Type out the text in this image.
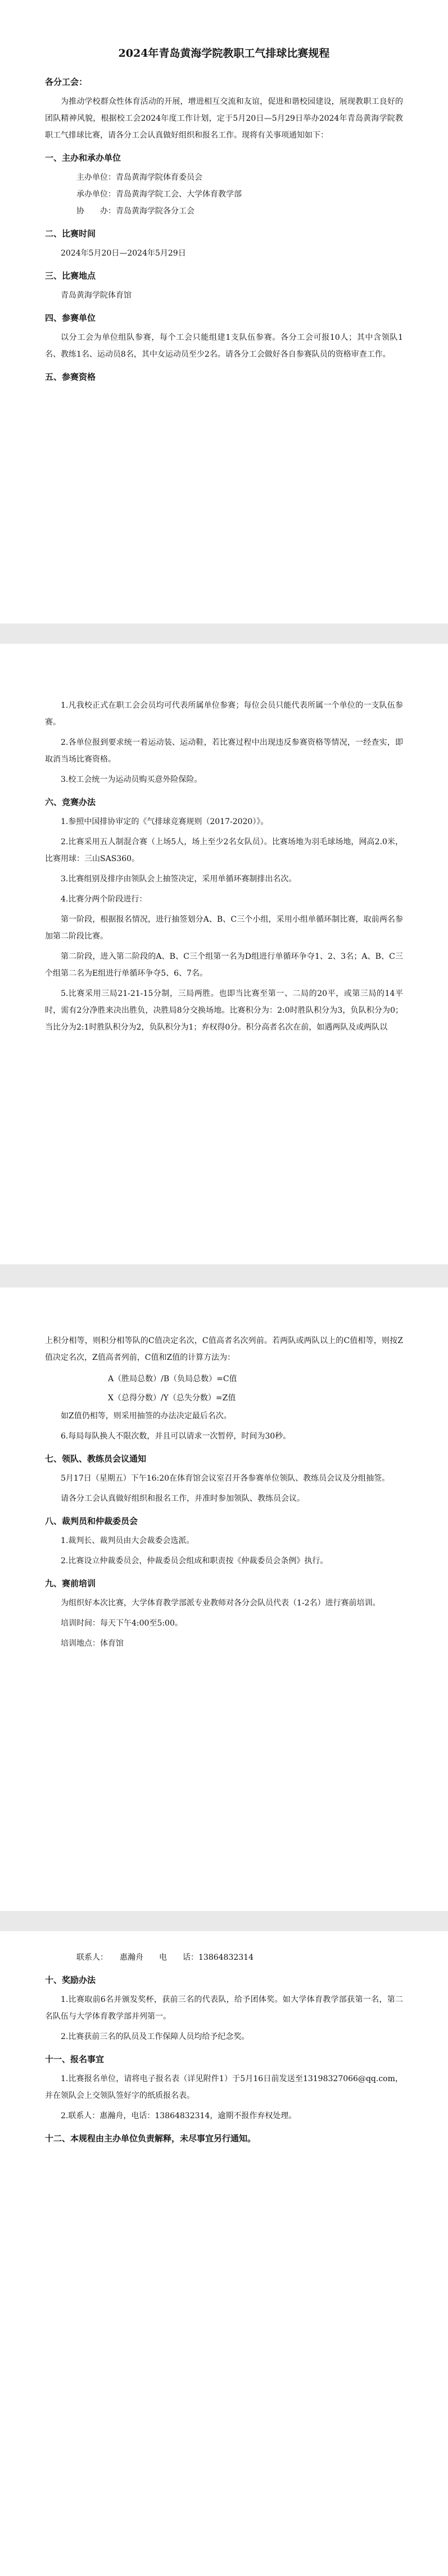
2024年青岛黄海学院教职工气排球比赛规程
各分工会：

为推动学校群众性体育活动的开展，增进相互交流和友谊，促进和谐校园建设，展现教职工良好的团队精神风貌，根据校工会2024年度工作计划，定于5月20日—5月29日举办2024年青岛黄海学院教职工气排球比赛，请各分工会认真做好组织和报名工作。现将有关事项通知如下：

一、主办和承办单位

主办单位：青岛黄海学院体育委员会

承办单位：青岛黄海学院工会、大学体育教学部

协　　办：青岛黄海学院各分工会

二、比赛时间

2024年5月20日—2024年5月29日

三、比赛地点

青岛黄海学院体育馆

四、参赛单位

以分工会为单位组队参赛，每个工会只能组建1支队伍参赛。各分工会可报10人；其中含领队1名、教练1名、运动员8名，其中女运动员至少2名。请各分工会做好各自参赛队员的资格审查工作。

五、参赛资格

1.凡我校正式在职工会会员均可代表所属单位参赛；每位会员只能代表所属一个单位的一支队伍参赛。

2.各单位报到要求统一着运动装、运动鞋，若比赛过程中出现违反参赛资格等情况，一经查实，即取消当场比赛资格。

3.校工会统一为运动员购买意外险保险。

六、竞赛办法

1.参照中国排协审定的《气排球竞赛规则（2017-2020）》。

2.比赛采用五人制混合赛（上场5人，场上至少2名女队员）。比赛场地为羽毛球场地，网高2.0米，比赛用球：三山SAS360。

3.比赛组别及排序由领队会上抽签决定，采用单循环赛制排出名次。

4.比赛分两个阶段进行：

第一阶段，根据报名情况，进行抽签划分A、B、C三个小组，采用小组单循环制比赛，取前两名参加第二阶段比赛。

第二阶段，进入第二阶段的A、B、C三个组第一名为D组进行单循环争夺1、2、3名；A、B、C三个组第二名为E组进行单循环争夺5、6、7名。

5.比赛采用三局21-21-15分制，三局两胜。也即当比赛至第一、二局的20平，或第三局的14平时，需有2分净胜来决出胜负，决胜局8分交换场地。比赛积分为：2:0时胜队积分为3，负队积分为0；当比分为2:1时胜队积分为2，负队积分为1；弃权得0分。积分高者名次在前，如遇两队及或两队以

上积分相等，则积分相等队的C值决定名次，C值高者名次列前。若两队或两队以上的C值相等，则按Z值决定名次，Z值高者列前，C值和Z值的计算方法为：

A（胜局总数）/B（负局总数）=C值

X（总得分数）/Y（总失分数）=Z值

如Z值仍相等，则采用抽签的办法决定最后名次。

6.每局每队换人不限次数，并且可以请求一次暂停，时间为30秒。

七、领队、教练员会议通知

5月17日（星期五）下午16:20在体育馆会议室召开各参赛单位领队、教练员会议及分组抽签。

请各分工会认真做好组织和报名工作，并准时参加领队、教练员会议。

八、裁判员和仲裁委员会

1.裁判长、裁判员由大会裁委会选派。

2.比赛设立仲裁委员会，仲裁委员会组成和职责按《仲裁委员会条例》执行。

九、赛前培训

为组织好本次比赛，大学体育教学部派专业教师对各分会队员代表（1-2名）进行赛前培训。

培训时间：每天下午4:00至5:00。

培训地点：体育馆

联系人：　　惠瀚舟　　电　　话：13864832314

十、奖励办法

1.比赛取前6名并颁发奖杯，获前三名的代表队，给予团体奖。如大学体育教学部获第一名，第二名队伍与大学体育教学部并列第一。

2.比赛获前三名的队员及工作保障人员均给予纪念奖。

十一、报名事宜

1.比赛报名单位，请将电子报名表（详见附件1）于5月16日前发送至13198327066@qq.com，并在领队会上交领队签好字的纸质报名表。

2.联系人：惠瀚舟，电话：13864832314，逾期不报作弃权处理。

十二、本规程由主办单位负责解释，未尽事宜另行通知。
